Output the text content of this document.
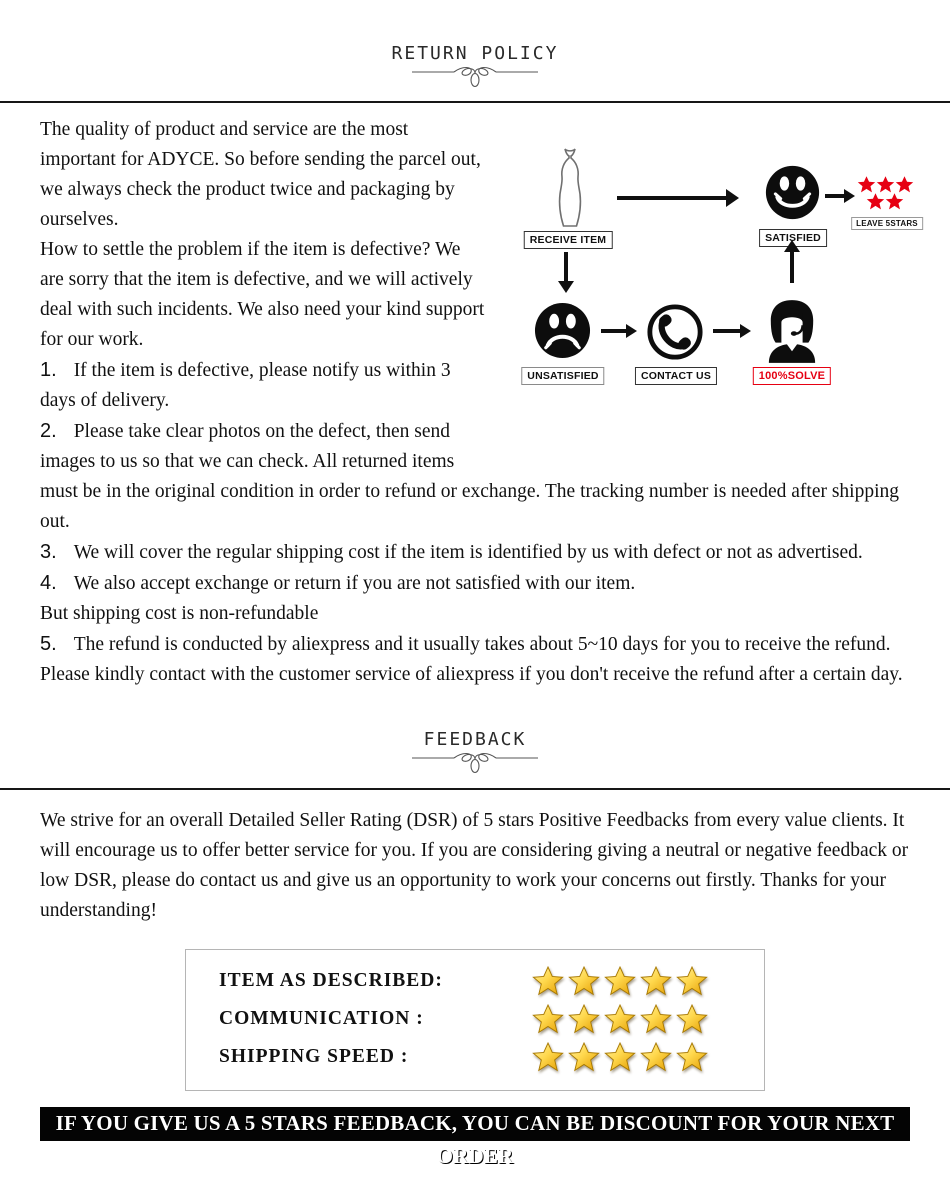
RETURN POLICY
RECEIVE ITEM	SATISFIED
LEAVE 5STARS
UNSATISFIED	CONTACT US	100%SOLVE

The quality of product and service are the most important for ADYCE. So before sending the parcel out, we always check the product twice and packaging by ourselves.

How to settle the problem if the item is defective? We are sorry that the item is defective, and we will actively deal with such incidents. We also need your kind support for our work.

1. If the item is defective, please notify us within 3 days of delivery.

2. Please take clear photos on the defect, then send images to us so that we can check. All returned items must be in the original condition in order to refund or exchange. The tracking number is needed after shipping out.

3. We will cover the regular shipping cost if the item is identified by us with defect or not as advertised.

4. We also accept exchange or return if you are not satisfied with our item.

But shipping cost is non-refundable

5. The refund is conducted by aliexpress and it usually takes about 5~10 days for you to receive the refund. Please kindly contact with the customer service of aliexpress if you don't receive the refund after a certain day.

FEEDBACK

We strive for an overall Detailed Seller Rating (DSR) of 5 stars Positive Feedbacks from every value clients. It will encourage us to offer better service for you. If you are considering giving a neutral or negative feedback or low DSR, please do contact us and give us an opportunity to work your concerns out firstly. Thanks for your understanding!

ITEM AS DESCRIBED:
COMMUNICATION :
SHIPPING SPEED :
IF YOU GIVE US A 5 STARS FEEDBACK, YOU CAN BE DISCOUNT FOR YOUR NEXT ORDER
